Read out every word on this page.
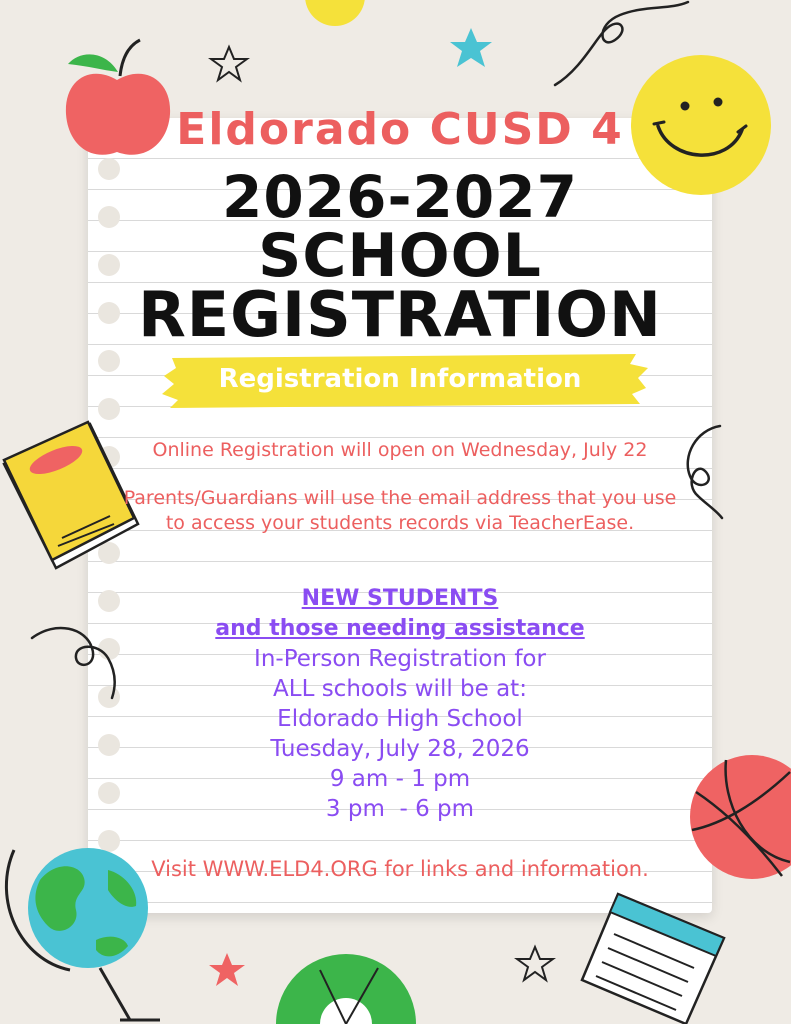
Eldorado CUSD 4
2026-2027
SCHOOL
REGISTRATION
Registration Information
Online Registration will open on Wednesday, July 22
Parents/Guardians will use the email address that you use
to access your students records via TeacherEase.
NEW STUDENTS
and those needing assistance
In-Person Registration for
ALL schools will be at:
Eldorado High School
Tuesday, July 28, 2026
9 am - 1 pm
3 pm  - 6 pm
Visit WWW.ELD4.ORG for links and information.
